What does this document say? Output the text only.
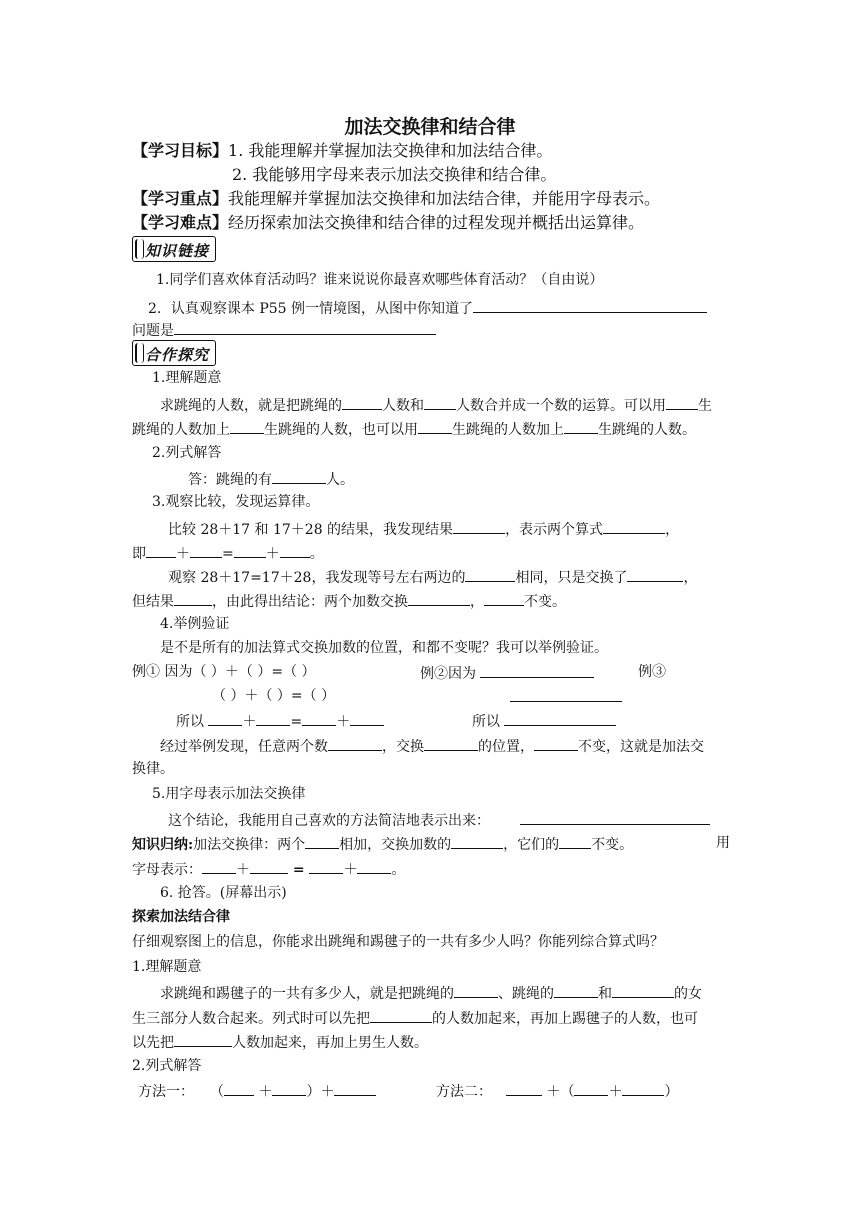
加法交换律和结合律
【学习目标】1. 我能理解并掌握加法交换律和加法结合律。
2. 我能够用字母来表示加法交换律和结合律。
【学习重点】我能理解并掌握加法交换律和加法结合律，并能用字母表示。
【学习难点】经历探索加法交换律和结合律的过程发现并概括出运算律。
知识链接
1.同学们喜欢体育活动吗？谁来说说你最喜欢哪些体育活动？（自由说）
2．认真观察课本 P55 例一情境图，从图中你知道了
问题是
合作探究
1.理解题意
求跳绳的人数，就是把跳绳的	人数和 人数合并成一个数的运算。可以用 生
跳绳的人数加上 生跳绳的人数，也可以用 生跳绳的人数加上 生跳绳的人数。
2.列式解答
答：跳绳的有	人。
3.观察比较，发现运算律。
比较 28＋17 和 17＋28 的结果，我发现结果	，表示两个算式	，
即 ＋ = ＋ 。
观察 28＋17=17＋28，我发现等号左右两边的	相同，只是交换了	，
但结果	，由此得出结论：两个加数交换	，	不变。
4.举例验证
是不是所有的加法算式交换加数的位置，和都不变呢？我可以举例验证。
例① 因为（ ）＋（ ）=（ ）	例②因为	例③
（ ）＋（ ）=（ ）
所以	＋ = ＋	所以
经过举例发现，任意两个数	，交换	的位置，	不变，这就是加法交
换律。
5.用字母表示加法交换律
这个结论，我能用自己喜欢的方法简洁地表示出来：
知识归纳:加法交换律：两个 相加，交换加数的	，它们的 不变。	用
字母表示： ＋	= ＋ 。
6. 抢答。(屏幕出示)
探索加法结合律
仔细观察图上的信息，你能求出跳绳和踢毽子的一共有多少人吗？你能列综合算式吗？
1.理解题意
求跳绳和踢毽子的一共有多少人，就是把跳绳的	、跳绳的	和	的女
生三部分人数合起来。列式时可以先把	的人数加起来，再加上踢毽子的人数，也可
以先把	人数加起来，再加上男生人数。
2.列式解答
方法一： （ ＋ ）＋	方法二：	＋（ ＋	）
